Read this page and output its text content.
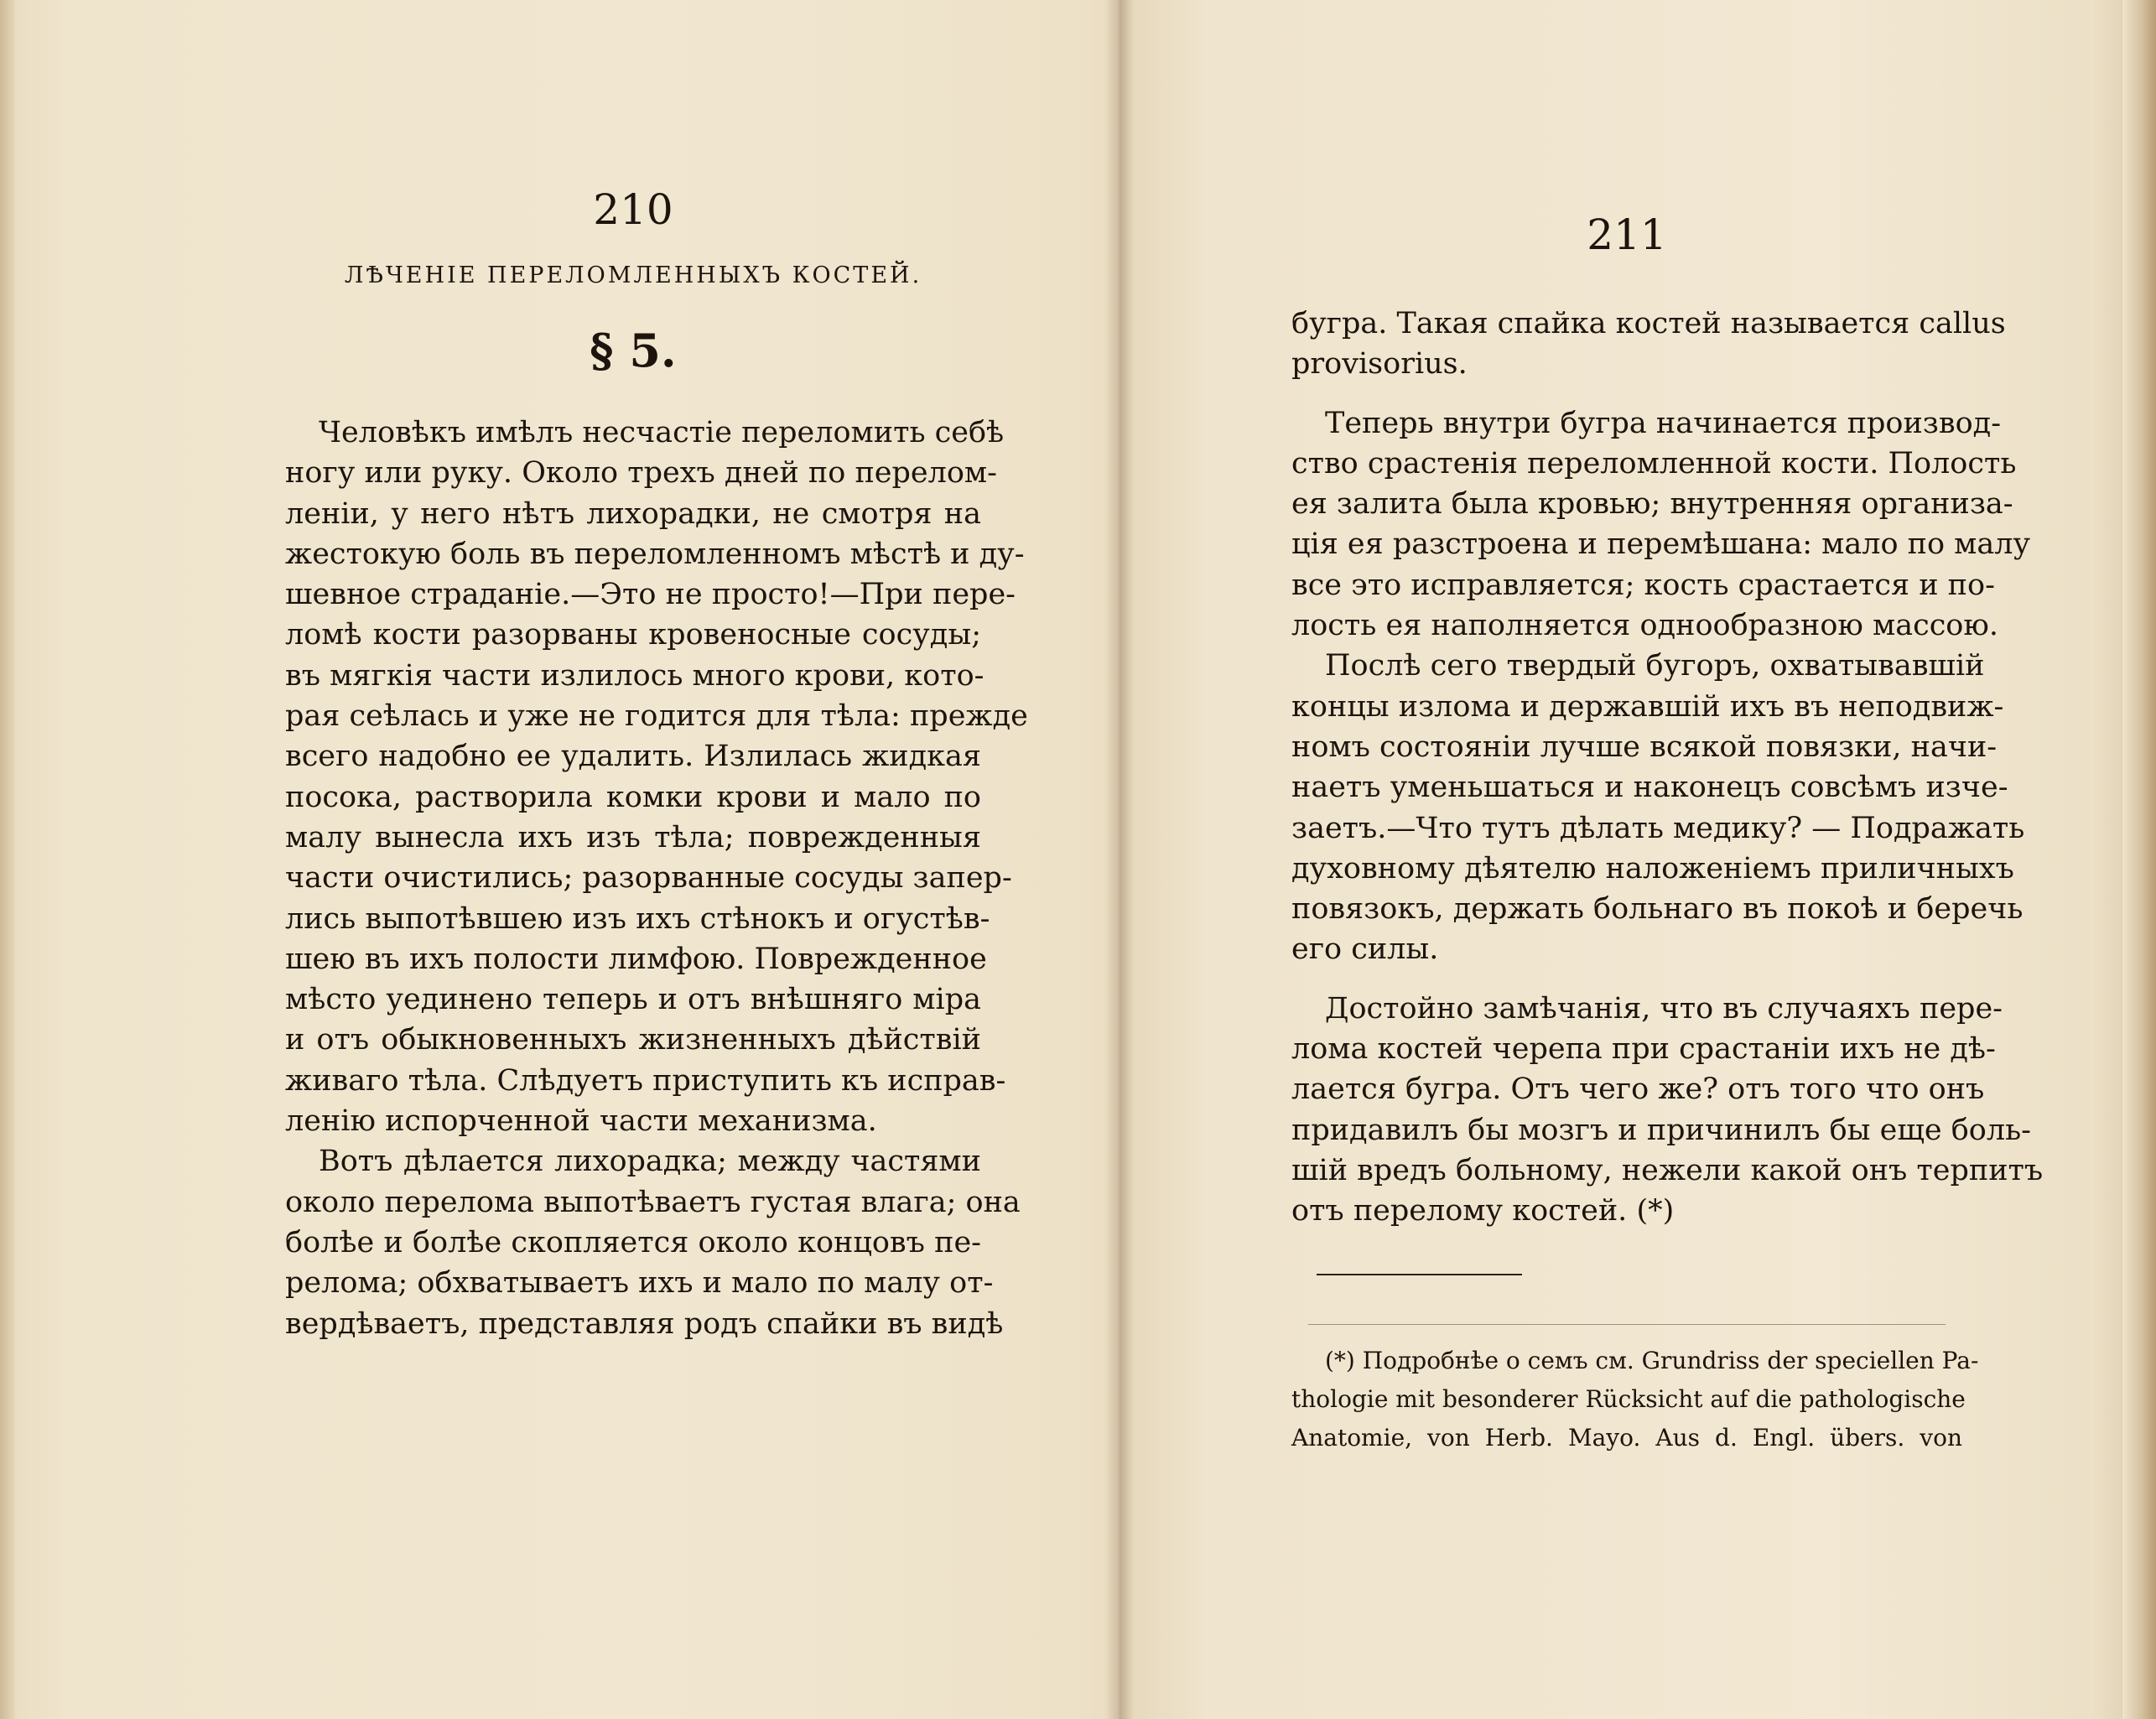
210
ЛѢЧЕНІЕ ПЕРЕЛОМЛЕННЫХЪ КОСТЕЙ.
§ 5.
Человѣкъ имѣлъ несчастіе переломить себѣ
ногу или руку. Около трехъ дней по перелом-
леніи, у него нѣтъ лихорадки, не смотря на
жестокую боль въ переломленномъ мѣстѣ и ду-
шевное страданіе.—Это не просто!—При пере-
ломѣ кости разорваны кровеносные сосуды;
въ мягкія части излилось много крови, кото-
рая сеѣлась и уже не годится для тѣла: прежде
всего надобно ее удалить. Излилась жидкая
посока, растворила комки крови и мало по
малу вынесла ихъ изъ тѣла; поврежденныя
части очистились; разорванные сосуды запер-
лись выпотѣвшею изъ ихъ стѣнокъ и огустѣв-
шею въ ихъ полости лимфою. Поврежденное
мѣсто уединено теперь и отъ внѣшняго міра
и отъ обыкновенныхъ жизненныхъ дѣйствій
живаго тѣла. Слѣдуетъ приступить къ исправ-
ленію испорченной части механизма.
Вотъ дѣлается лихорадка; между частями
около перелома выпотѣваетъ густая влага; она
болѣе и болѣе скопляется около концовъ пе-
релома; обхватываетъ ихъ и мало по малу от-
вердѣваетъ, представляя родъ спайки въ видѣ
211
бугра. Такая спайка костей называется callus
provisorius.
Теперь внутри бугра начинается производ-
ство срастенія переломленной кости. Полость
ея залита была кровью; внутренняя организа-
ція ея разстроена и перемѣшана: мало по малу
все это исправляется; кость срастается и по-
лость ея наполняется однообразною массою.
Послѣ сего твердый бугоръ, охватывавшій
концы излома и державшій ихъ въ неподвиж-
номъ состояніи лучше всякой повязки, начи-
наетъ уменьшаться и наконецъ совсѣмъ изче-
заетъ.—Что тутъ дѣлать медику? — Подражать
духовному дѣятелю наложеніемъ приличныхъ
повязокъ, держать больнаго въ покоѣ и беречь
его силы.
Достойно замѣчанія, что въ случаяхъ пере-
лома костей черепа при срастаніи ихъ не дѣ-
лается бугра. Отъ чего же? отъ того что онъ
придавилъ бы мозгъ и причинилъ бы еще боль-
шій вредъ больному, нежели какой онъ терпитъ
отъ перелому костей. (*)
(*) Подробнѣе о семъ см. Grundriss der speciellen Pa-
thologie mit besonderer Rücksicht auf die pathologische
Anatomie, von Herb. Mayo. Aus d. Engl. übers. von
